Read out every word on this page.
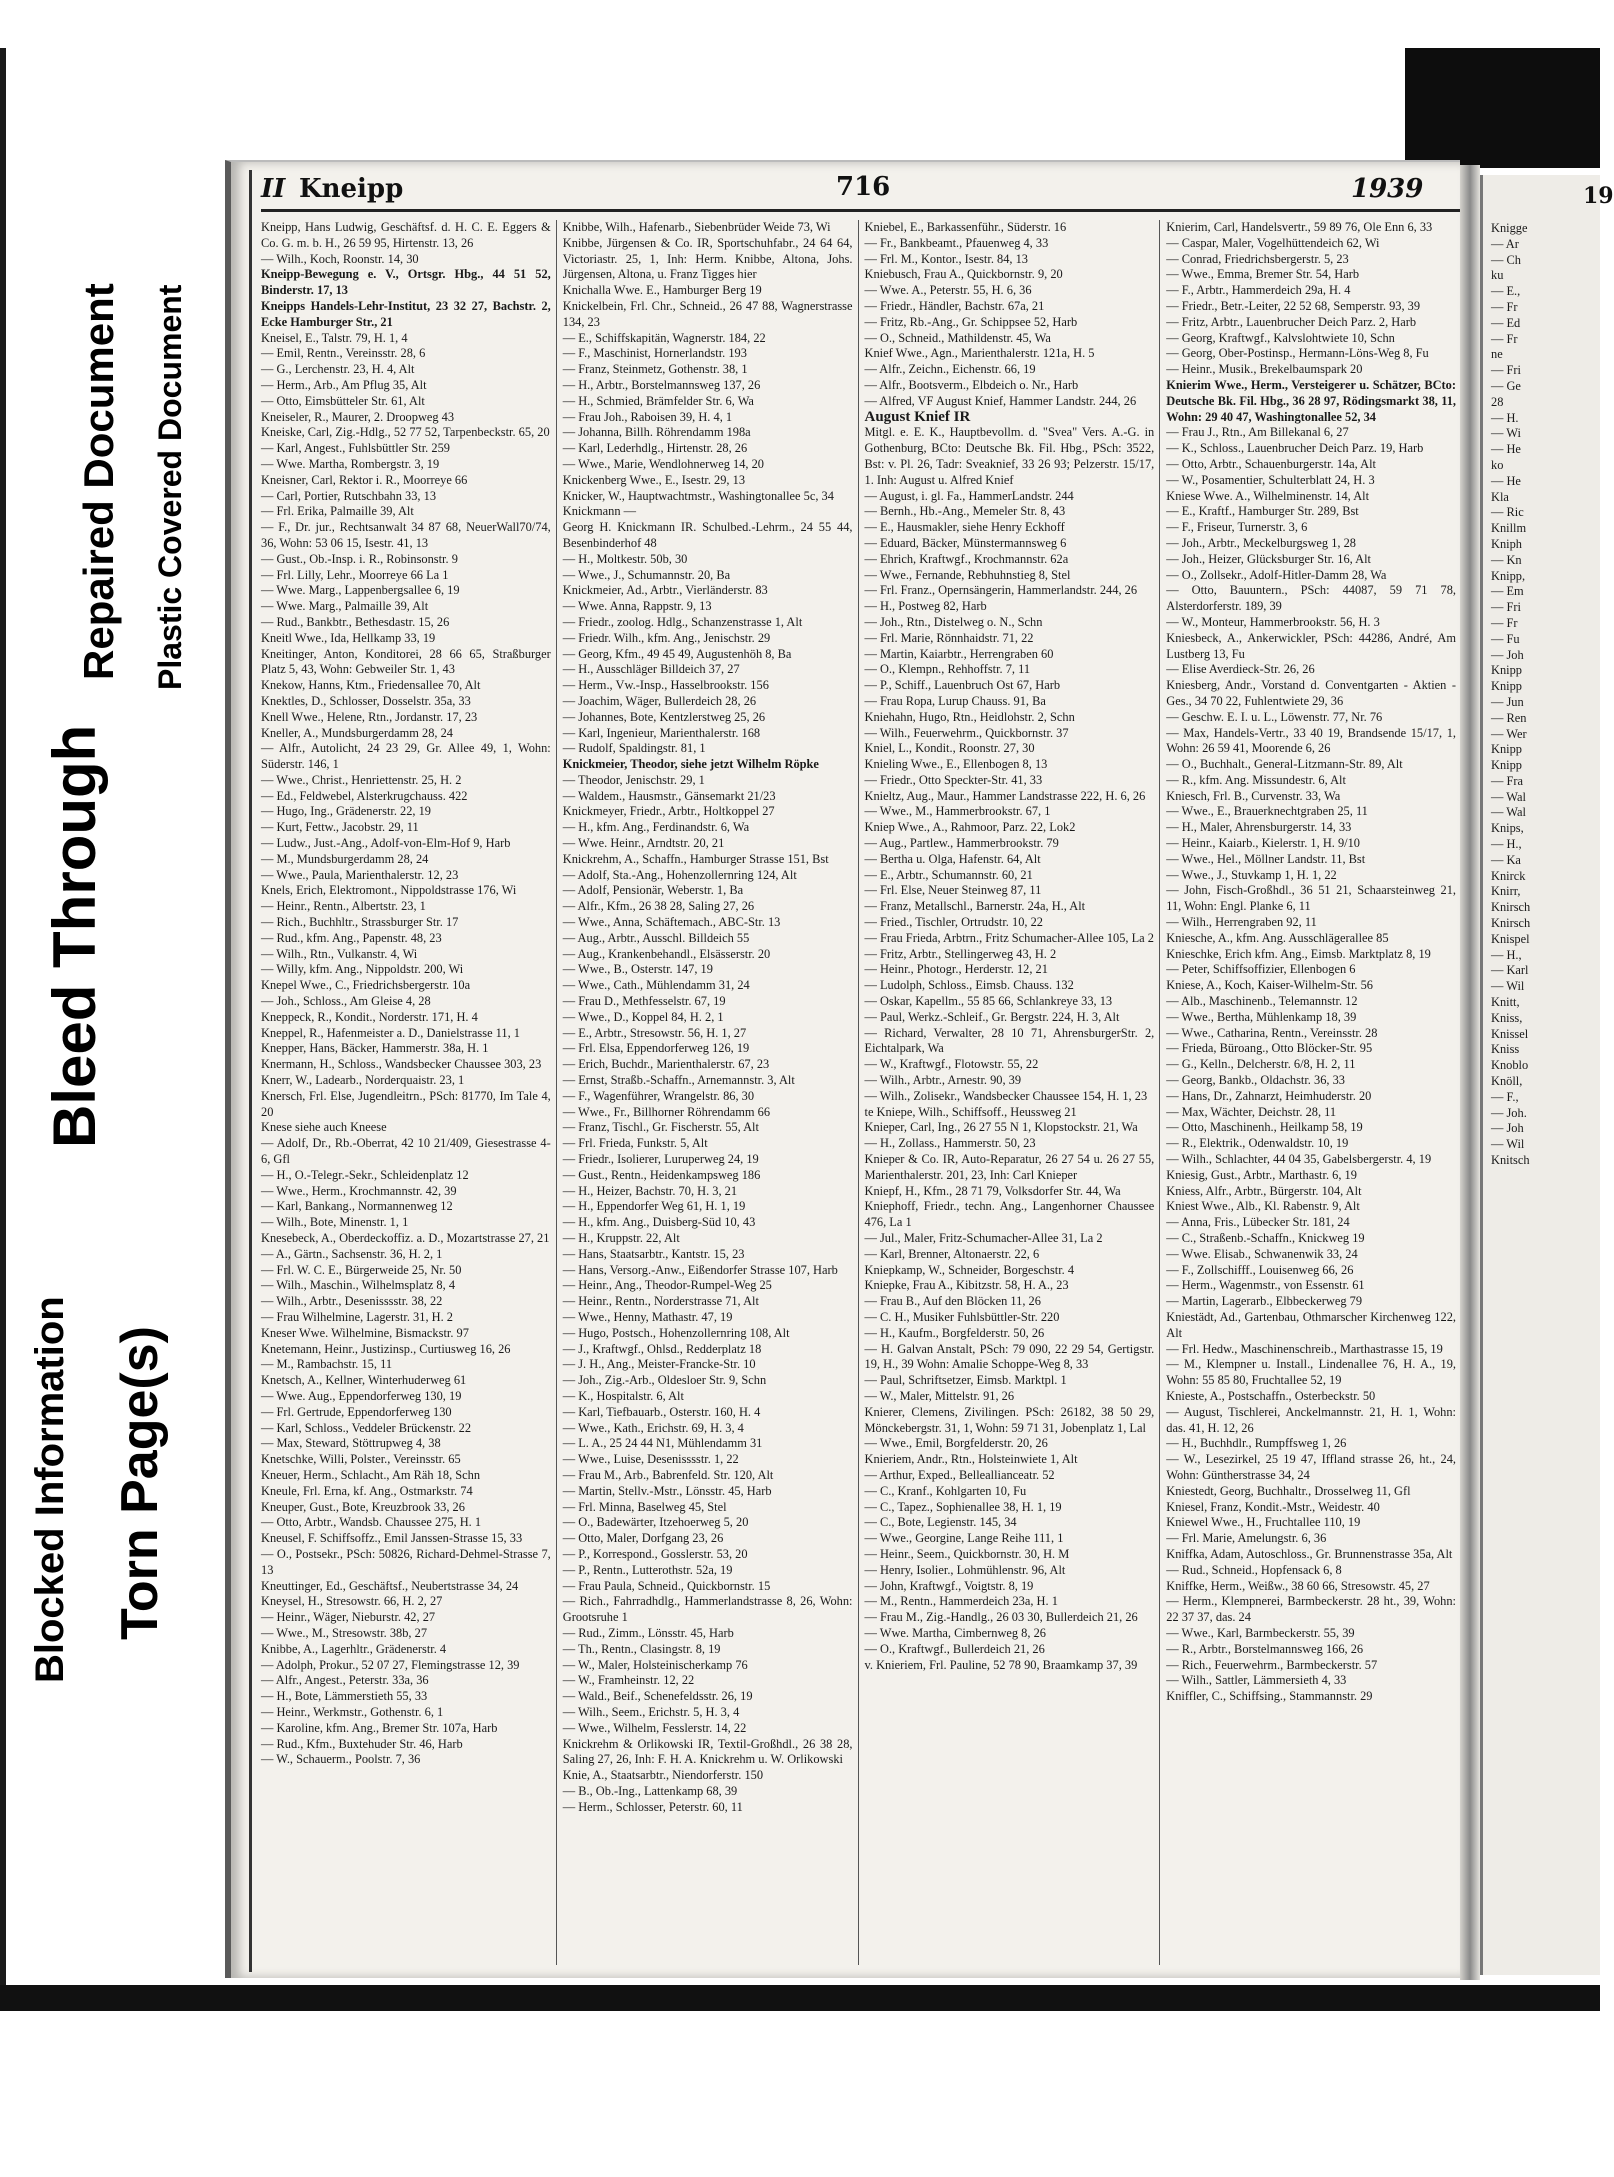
Blocked Information Torn Page(s)
Bleed Through
Repaired Document Plastic Covered Document
II Kneipp	716	1939
Kneipp, Hans Ludwig, Geschäftsf. d. H. C. E. Eggers & Co. G. m. b. H., 26 59 95, Hirtenstr. 13, 26
— Wilh., Koch, Roonstr. 14, 30
Kneipp-Bewegung e. V., Ortsgr. Hbg., 44 51 52, Binderstr. 17, 13
Kneipps Handels-Lehr-Institut, 23 32 27, Bachstr. 2, Ecke Hamburger Str., 21
Kneisel, E., Talstr. 79, H. 1, 4
— Emil, Rentn., Vereinsstr. 28, 6
— G., Lerchenstr. 23, H. 4, Alt
— Herm., Arb., Am Pflug 35, Alt
— Otto, Eimsbütteler Str. 61, Alt
Kneiseler, R., Maurer, 2. Droopweg 43
Kneiske, Carl, Zig.-Hdlg., 52 77 52, Tarpenbeckstr. 65, 20
— Karl, Angest., Fuhlsbüttler Str. 259
— Wwe. Martha, Rombergstr. 3, 19
Kneisner, Carl, Rektor i. R., Moorreye 66
— Carl, Portier, Rutschbahn 33, 13
— Frl. Erika, Palmaille 39, Alt
— F., Dr. jur., Rechtsanwalt 34 87 68, NeuerWall70/74, 36, Wohn: 53 06 15, Isestr. 41, 13
— Gust., Ob.-Insp. i. R., Robinsonstr. 9
— Frl. Lilly, Lehr., Moorreye 66 La 1
— Wwe. Marg., Lappenbergsallee 6, 19
— Wwe. Marg., Palmaille 39, Alt
— Rud., Bankbtr., Bethesdastr. 15, 26
Kneitl Wwe., Ida, Hellkamp 33, 19
Kneitinger, Anton, Konditorei, 28 66 65, Straßburger Platz 5, 43, Wohn: Gebweiler Str. 1, 43
Knekow, Hanns, Ktm., Friedensallee 70, Alt
Knektles, D., Schlosser, Dosselstr. 35a, 33
Knell Wwe., Helene, Rtn., Jordanstr. 17, 23
Kneller, A., Mundsburgerdamm 28, 24
— Alfr., Autolicht, 24 23 29, Gr. Allee 49, 1, Wohn: Süderstr. 146, 1
— Wwe., Christ., Henriettenstr. 25, H. 2
— Ed., Feldwebel, Alsterkrugchauss. 422
— Hugo, Ing., Grädenerstr. 22, 19
— Kurt, Fettw., Jacobstr. 29, 11
— Ludw., Just.-Ang., Adolf-von-Elm-Hof 9, Harb
— M., Mundsburgerdamm 28, 24
— Wwe., Paula, Marienthalerstr. 12, 23
Knels, Erich, Elektromont., Nippoldstrasse 176, Wi
— Heinr., Rentn., Albertstr. 23, 1
— Rich., Buchhltr., Strassburger Str. 17
— Rud., kfm. Ang., Papenstr. 48, 23
— Wilh., Rtn., Vulkanstr. 4, Wi
— Willy, kfm. Ang., Nippoldstr. 200, Wi
Knepel Wwe., C., Friedrichsbergerstr. 10a
— Joh., Schloss., Am Gleise 4, 28
Kneppeck, R., Kondit., Norderstr. 171, H. 4
Kneppel, R., Hafenmeister a. D., Danielstrasse 11, 1
Knepper, Hans, Bäcker, Hammerstr. 38a, H. 1
Knermann, H., Schloss., Wandsbecker Chaussee 303, 23
Knerr, W., Ladearb., Norderquaistr. 23, 1
Knersch, Frl. Else, Jugendleitrn., PSch: 81770, Im Tale 4, 20
Knese siehe auch Kneese
— Adolf, Dr., Rb.-Oberrat, 42 10 21/409, Giesestrasse 4-6, Gfl
— H., O.-Telegr.-Sekr., Schleidenplatz 12
— Wwe., Herm., Krochmannstr. 42, 39
— Karl, Bankang., Normannenweg 12
— Wilh., Bote, Minenstr. 1, 1
Knesebeck, A., Oberdeckoffiz. a. D., Mozartstrasse 27, 21
— A., Gärtn., Sachsenstr. 36, H. 2, 1
— Frl. W. C. E., Bürgerweide 25, Nr. 50
— Wilh., Maschin., Wilhelmsplatz 8, 4
— Wilh., Arbtr., Desenisssstr. 38, 22
— Frau Wilhelmine, Lagerstr. 31, H. 2
Kneser Wwe. Wilhelmine, Bismackstr. 97
Knetemann, Heinr., Justizinsp., Curtiusweg 16, 26
— M., Rambachstr. 15, 11
Knetsch, A., Kellner, Winterhuderweg 61
— Wwe. Aug., Eppendorferweg 130, 19
— Frl. Gertrude, Eppendorferweg 130
— Karl, Schloss., Veddeler Brückenstr. 22
— Max, Steward, Stöttrupweg 4, 38
Knetschke, Willi, Polster., Vereinsstr. 65
Kneuer, Herm., Schlacht., Am Räh 18, Schn
Kneule, Frl. Erna, kf. Ang., Ostmarkstr. 74
Kneuper, Gust., Bote, Kreuzbrook 33, 26
— Otto, Arbtr., Wandsb. Chaussee 275, H. 1
Kneusel, F. Schiffsoffz., Emil Janssen-Strasse 15, 33
— O., Postsekr., PSch: 50826, Richard-Dehmel-Strasse 7, 13
Kneuttinger, Ed., Geschäftsf., Neubertstrasse 34, 24
Kneysel, H., Stresowstr. 66, H. 2, 27
— Heinr., Wäger, Nieburstr. 42, 27
— Wwe., M., Stresowstr. 38b, 27
Knibbe, A., Lagerhltr., Grädenerstr. 4
— Adolph, Prokur., 52 07 27, Flemingstrasse 12, 39
— Alfr., Angest., Peterstr. 33a, 36
— H., Bote, Lämmerstieth 55, 33
— Heinr., Werkmstr., Gothenstr. 6, 1
— Karoline, kfm. Ang., Bremer Str. 107a, Harb
— Rud., Kfm., Buxtehuder Str. 46, Harb
— W., Schauerm., Poolstr. 7, 36
Knibbe, Wilh., Hafenarb., Siebenbrüder Weide 73, Wi
Knibbe, Jürgensen & Co. IR, Sportschuhfabr., 24 64 64, Victoriastr. 25, 1, Inh: Herm. Knibbe, Altona, Johs. Jürgensen, Altona, u. Franz Tigges hier
Knichalla Wwe. E., Hamburger Berg 19
Knickelbein, Frl. Chr., Schneid., 26 47 88, Wagnerstrasse 134, 23
— E., Schiffskapitän, Wagnerstr. 184, 22
— F., Maschinist, Hornerlandstr. 193
— Franz, Steinmetz, Gothenstr. 38, 1
— H., Arbtr., Borstelmannsweg 137, 26
— H., Schmied, Brämfelder Str. 6, Wa
— Frau Joh., Raboisen 39, H. 4, 1
— Johanna, Billh. Röhrendamm 198a
— Karl, Lederhdlg., Hirtenstr. 28, 26
— Wwe., Marie, Wendlohnerweg 14, 20
Knickenberg Wwe., E., Isestr. 29, 13
Knicker, W., Hauptwachtmstr., Washingtonallee 5c, 34
Knickmann —
Georg H. Knickmann IR. Schulbed.-Lehrm., 24 55 44, Besenbinderhof 48
— H., Moltkestr. 50b, 30
— Wwe., J., Schumannstr. 20, Ba
Knickmeier, Ad., Arbtr., Vierländerstr. 83
— Wwe. Anna, Rappstr. 9, 13
— Friedr., zoolog. Hdlg., Schanzenstrasse 1, Alt
— Friedr. Wilh., kfm. Ang., Jenischstr. 29
— Georg, Kfm., 49 45 49, Augustenhöh 8, Ba
— H., Ausschläger Billdeich 37, 27
— Herm., Vw.-Insp., Hasselbrookstr. 156
— Joachim, Wäger, Bullerdeich 28, 26
— Johannes, Bote, Kentzlerstweg 25, 26
— Karl, Ingenieur, Marienthalerstr. 168
— Rudolf, Spaldingstr. 81, 1
Knickmeier, Theodor, siehe jetzt Wilhelm Röpke
— Theodor, Jenischstr. 29, 1
— Waldem., Hausmstr., Gänsemarkt 21/23
Knickmeyer, Friedr., Arbtr., Holtkoppel 27
— H., kfm. Ang., Ferdinandstr. 6, Wa
— Wwe. Heinr., Arndtstr. 20, 21
Knickrehm, A., Schaffn., Hamburger Strasse 151, Bst
— Adolf, Sta.-Ang., Hohenzollernring 124, Alt
— Adolf, Pensionär, Weberstr. 1, Ba
— Alfr., Kfm., 26 38 28, Saling 27, 26
— Wwe., Anna, Schäftemach., ABC-Str. 13
— Aug., Arbtr., Ausschl. Billdeich 55
— Aug., Krankenbehandl., Elsässerstr. 20
— Wwe., B., Osterstr. 147, 19
— Wwe., Cath., Mühlendamm 31, 24
— Frau D., Methfesselstr. 67, 19
— Wwe., D., Koppel 84, H. 2, 1
— E., Arbtr., Stresowstr. 56, H. 1, 27
— Frl. Elsa, Eppendorferweg 126, 19
— Erich, Buchdr., Marienthalerstr. 67, 23
— Ernst, Straßb.-Schaffn., Arnemannstr. 3, Alt
— F., Wagenführer, Wrangelstr. 86, 30
— Wwe., Fr., Billhorner Röhrendamm 66
— Franz, Tischl., Gr. Fischerstr. 55, Alt
— Frl. Frieda, Funkstr. 5, Alt
— Friedr., Isolierer, Luruperweg 24, 19
— Gust., Rentn., Heidenkampsweg 186
— H., Heizer, Bachstr. 70, H. 3, 21
— H., Eppendorfer Weg 61, H. 1, 19
— H., kfm. Ang., Duisberg-Süd 10, 43
— H., Kruppstr. 22, Alt
— Hans, Staatsarbtr., Kantstr. 15, 23
— Hans, Versorg.-Anw., Eißendorfer Strasse 107, Harb
— Heinr., Ang., Theodor-Rumpel-Weg 25
— Heinr., Rentn., Norderstrasse 71, Alt
— Wwe., Henny, Mathastr. 47, 19
— Hugo, Postsch., Hohenzollernring 108, Alt
— J., Kraftwgf., Ohlsd., Redderplatz 18
— J. H., Ang., Meister-Francke-Str. 10
— Joh., Zig.-Arb., Oldesloer Str. 9, Schn
— K., Hospitalstr. 6, Alt
— Karl, Tiefbauarb., Osterstr. 160, H. 4
— Wwe., Kath., Erichstr. 69, H. 3, 4
— L. A., 25 24 44 N1, Mühlendamm 31
— Wwe., Luise, Desenisssstr. 1, 22
— Frau M., Arb., Babrenfeld. Str. 120, Alt
— Martin, Stellv.-Mstr., Lönsstr. 45, Harb
— Frl. Minna, Baselweg 45, Stel
— O., Badewärter, Itzehoerweg 5, 20
— Otto, Maler, Dorfgang 23, 26
— P., Korrespond., Gosslerstr. 53, 20
— P., Rentn., Lutterothstr. 52a, 19
— Frau Paula, Schneid., Quickbornstr. 15
— Rich., Fahrradhdlg., Hammerlandstrasse 8, 26, Wohn: Grootsruhe 1
— Rud., Zimm., Lönsstr. 45, Harb
— Th., Rentn., Clasingstr. 8, 19
— W., Maler, Holsteinischerkamp 76
— W., Framheinstr. 12, 22
— Wald., Beif., Schenefeldsstr. 26, 19
— Wilh., Seem., Erichstr. 5, H. 3, 4
— Wwe., Wilhelm, Fesslerstr. 14, 22
Knickrehm & Orlikowski IR, Textil-Großhdl., 26 38 28, Saling 27, 26, Inh: F. H. A. Knickrehm u. W. Orlikowski
Knie, A., Staatsarbtr., Niendorferstr. 150
— B., Ob.-Ing., Lattenkamp 68, 39
— Herm., Schlosser, Peterstr. 60, 11
Kniebel, E., Barkassenführ., Süderstr. 16
— Fr., Bankbeamt., Pfauenweg 4, 33
— Frl. M., Kontor., Isestr. 84, 13
Kniebusch, Frau A., Quickbornstr. 9, 20
— Wwe. A., Peterstr. 55, H. 6, 36
— Friedr., Händler, Bachstr. 67a, 21
— Fritz, Rb.-Ang., Gr. Schippsee 52, Harb
— O., Schneid., Mathildenstr. 45, Wa
Knief Wwe., Agn., Marienthalerstr. 121a, H. 5
— Alfr., Zeichn., Eichenstr. 66, 19
— Alfr., Bootsverm., Elbdeich o. Nr., Harb
— Alfred, VF August Knief, Hammer Landstr. 244, 26
August Knief IR
Mitgl. e. E. K., Hauptbevollm. d. "Svea" Vers. A.-G. in Gothenburg, BCto: Deutsche Bk. Fil. Hbg., PSch: 3522, Bst: v. Pl. 26, Tadr: Sveaknief, 33 26 93; Pelzerstr. 15/17, 1. Inh: August u. Alfred Knief
— August, i. gl. Fa., HammerLandstr. 244
— Bernh., Hb.-Ang., Memeler Str. 8, 43
— E., Hausmakler, siehe Henry Eckhoff
— Eduard, Bäcker, Münstermannsweg 6
— Ehrich, Kraftwgf., Krochmannstr. 62a
— Wwe., Fernande, Rebhuhnstieg 8, Stel
— Frl. Franz., Opernsängerin, Hammerlandstr. 244, 26
— H., Postweg 82, Harb
— Joh., Rtn., Distelweg o. N., Schn
— Frl. Marie, Rönnhaidstr. 71, 22
— Martin, Kaiarbtr., Herrengraben 60
— O., Klempn., Rehhoffstr. 7, 11
— P., Schiff., Lauenbruch Ost 67, Harb
— Frau Ropa, Lurup Chauss. 91, Ba
Kniehahn, Hugo, Rtn., Heidlohstr. 2, Schn
— Wilh., Feuerwehrm., Quickbornstr. 37
Kniel, L., Kondit., Roonstr. 27, 30
Knieling Wwe., E., Ellenbogen 8, 13
— Friedr., Otto Speckter-Str. 41, 33
Knieltz, Aug., Maur., Hammer Landstrasse 222, H. 6, 26
— Wwe., M., Hammerbrookstr. 67, 1
Kniep Wwe., A., Rahmoor, Parz. 22, Lok2
— Aug., Partlew., Hammerbrookstr. 79
— Bertha u. Olga, Hafenstr. 64, Alt
— E., Arbtr., Schumannstr. 60, 21
— Frl. Else, Neuer Steinweg 87, 11
— Franz, Metallschl., Barnerstr. 24a, H., Alt
— Fried., Tischler, Ortrudstr. 10, 22
— Frau Frieda, Arbtrn., Fritz Schumacher-Allee 105, La 2
— Fritz, Arbtr., Stellingerweg 43, H. 2
— Heinr., Photogr., Herderstr. 12, 21
— Ludolph, Schloss., Eimsb. Chauss. 132
— Oskar, Kapellm., 55 85 66, Schlankreye 33, 13
— Paul, Werkz.-Schleif., Gr. Bergstr. 224, H. 3, Alt
— Richard, Verwalter, 28 10 71, AhrensburgerStr. 2, Eichtalpark, Wa
— W., Kraftwgf., Flotowstr. 55, 22
— Wilh., Arbtr., Arnestr. 90, 39
— Wilh., Zolisekr., Wandsbecker Chaussee 154, H. 1, 23
te Kniepe, Wilh., Schiffsoff., Heussweg 21
Knieper, Carl, Ing., 26 27 55 N 1, Klopstockstr. 21, Wa
— H., Zollass., Hammerstr. 50, 23
Knieper & Co. IR, Auto-Reparatur, 26 27 54 u. 26 27 55, Marienthalerstr. 201, 23, Inh: Carl Knieper
Kniepf, H., Kfm., 28 71 79, Volksdorfer Str. 44, Wa
Kniephoff, Friedr., techn. Ang., Langenhorner Chaussee 476, La 1
— Jul., Maler, Fritz-Schumacher-Allee 31, La 2
— Karl, Brenner, Altonaerstr. 22, 6
Kniepkamp, W., Schneider, Borgeschstr. 4
Kniepke, Frau A., Kibitzstr. 58, H. A., 23
— Frau B., Auf den Blöcken 11, 26
— C. H., Musiker Fuhlsbüttler-Str. 220
— H., Kaufm., Borgfelderstr. 50, 26
— H. Galvan Anstalt, PSch: 79 090, 22 29 54, Gertigstr. 19, H., 39 Wohn: Amalie Schoppe-Weg 8, 33
— Paul, Schriftsetzer, Eimsb. Marktpl. 1
— W., Maler, Mittelstr. 91, 26
Knierer, Clemens, Zivilingen. PSch: 26182, 38 50 29, Mönckebergstr. 31, 1, Wohn: 59 71 31, Jobenplatz 1, Lal
— Wwe., Emil, Borgfelderstr. 20, 26
Knieriem, Andr., Rtn., Holsteinwiete 1, Alt
— Arthur, Exped., Belleallianceatr. 52
— C., Kranf., Kohlgarten 10, Fu
— C., Tapez., Sophienallee 38, H. 1, 19
— C., Bote, Legienstr. 145, 34
— Wwe., Georgine, Lange Reihe 111, 1
— Heinr., Seem., Quickbornstr. 30, H. M
— Henry, Isolier., Lohmühlenstr. 96, Alt
— John, Kraftwgf., Voigtstr. 8, 19
— M., Rentn., Hammerdeich 23a, H. 1
— Frau M., Zig.-Handlg., 26 03 30, Bullerdeich 21, 26
— Wwe. Martha, Cimbernweg 8, 26
— O., Kraftwgf., Bullerdeich 21, 26
v. Knieriem, Frl. Pauline, 52 78 90, Braamkamp 37, 39
Knierim, Carl, Handelsvertr., 59 89 76, Ole Enn 6, 33
— Caspar, Maler, Vogelhüttendeich 62, Wi
— Conrad, Friedrichsbergerstr. 5, 23
— Wwe., Emma, Bremer Str. 54, Harb
— F., Arbtr., Hammerdeich 29a, H. 4
— Friedr., Betr.-Leiter, 22 52 68, Semperstr. 93, 39
— Fritz, Arbtr., Lauenbrucher Deich Parz. 2, Harb
— Georg, Kraftwgf., Kalvslohtwiete 10, Schn
— Georg, Ober-Postinsp., Hermann-Löns-Weg 8, Fu
— Heinr., Musik., Brekelbaumspark 20
Knierim Wwe., Herm., Versteigerer u. Schätzer, BCto: Deutsche Bk. Fil. Hbg., 36 28 97, Rödingsmarkt 38, 11, Wohn: 29 40 47, Washingtonallee 52, 34
— Frau J., Rtn., Am Billekanal 6, 27
— K., Schloss., Lauenbrucher Deich Parz. 19, Harb
— Otto, Arbtr., Schauenburgerstr. 14a, Alt
— W., Posamentier, Schulterblatt 24, H. 3
Kniese Wwe. A., Wilhelminenstr. 14, Alt
— E., Kraftf., Hamburger Str. 289, Bst
— F., Friseur, Turnerstr. 3, 6
— Joh., Arbtr., Meckelburgsweg 1, 28
— Joh., Heizer, Glücksburger Str. 16, Alt
— O., Zollsekr., Adolf-Hitler-Damm 28, Wa
— Otto, Bauuntern., PSch: 44087, 59 71 78, Alsterdorferstr. 189, 39
— W., Monteur, Hammerbrookstr. 56, H. 3
Kniesbeck, A., Ankerwickler, PSch: 44286, André, Am Lustberg 13, Fu
— Elise Averdieck-Str. 26, 26
Kniesberg, Andr., Vorstand d. Conventgarten - Aktien - Ges., 34 70 22, Fuhlentwiete 29, 36
— Geschw. E. I. u. L., Löwenstr. 77, Nr. 76
— Max, Handels-Vertr., 33 40 19, Brandsende 15/17, 1, Wohn: 26 59 41, Moorende 6, 26
— O., Buchhalt., General-Litzmann-Str. 89, Alt
— R., kfm. Ang. Missundestr. 6, Alt
Kniesch, Frl. B., Curvenstr. 33, Wa
— Wwe., E., Brauerknechtgraben 25, 11
— H., Maler, Ahrensburgerstr. 14, 33
— Heinr., Kaiarb., Kielerstr. 1, H. 9/10
— Wwe., Hel., Möllner Landstr. 11, Bst
— Wwe., J., Stuvkamp 1, H. 1, 22
— John, Fisch-Großhdl., 36 51 21, Schaarsteinweg 21, 11, Wohn: Engl. Planke 6, 11
— Wilh., Herrengraben 92, 11
Kniesche, A., kfm. Ang. Ausschlägerallee 85
Knieschke, Erich kfm. Ang., Eimsb. Marktplatz 8, 19
— Peter, Schiffsoffizier, Ellenbogen 6
Kniese, A., Koch, Kaiser-Wilhelm-Str. 56
— Alb., Maschinenb., Telemannstr. 12
— Wwe., Bertha, Mühlenkamp 18, 39
— Wwe., Catharina, Rentn., Vereinsstr. 28
— Frieda, Büroang., Otto Blöcker-Str. 95
— G., Kelln., Delcherstr. 6/8, H. 2, 11
— Georg, Bankb., Oldachstr. 36, 33
— Hans, Dr., Zahnarzt, Heimhuderstr. 20
— Max, Wächter, Deichstr. 28, 11
— Otto, Maschinenh., Heilkamp 58, 19
— R., Elektrik., Odenwaldstr. 10, 19
— Wilh., Schlachter, 44 04 35, Gabelsbergerstr. 4, 19
Kniesig, Gust., Arbtr., Marthastr. 6, 19
Kniess, Alfr., Arbtr., Bürgerstr. 104, Alt
Kniest Wwe., Alb., Kl. Rabenstr. 9, Alt
— Anna, Fris., Lübecker Str. 181, 24
— C., Straßenb.-Schaffn., Knickweg 19
— Wwe. Elisab., Schwanenwik 33, 24
— F., Zollschifff., Louisenweg 66, 26
— Herm., Wagenmstr., von Essenstr. 61
— Martin, Lagerarb., Elbbeckerweg 79
Kniestädt, Ad., Gartenbau, Othmarscher Kirchenweg 122, Alt
— Frl. Hedw., Maschinenschreib., Marthastrasse 15, 19
— M., Klempner u. Install., Lindenallee 76, H. A., 19, Wohn: 55 85 80, Fruchtallee 52, 19
Knieste, A., Postschaffn., Osterbeckstr. 50
— August, Tischlerei, Anckelmannstr. 21, H. 1, Wohn: das. 41, H. 12, 26
— H., Buchhdlr., Rumpffsweg 1, 26
— W., Lesezirkel, 25 19 47, Iffland strasse 26, ht., 24, Wohn: Güntherstrasse 34, 24
Kniestedt, Georg, Buchhaltr., Drosselweg 11, Gfl
Kniesel, Franz, Kondit.-Mstr., Weidestr. 40
Kniewel Wwe., H., Fruchtallee 110, 19
— Frl. Marie, Amelungstr. 6, 36
Kniffka, Adam, Autoschloss., Gr. Brunnenstrasse 35a, Alt
— Rud., Schneid., Hopfensack 6, 8
Kniffke, Herm., Weißw., 38 60 66, Stresowstr. 45, 27
— Herm., Klempnerei, Barmbeckerstr. 28 ht., 39, Wohn: 22 37 37, das. 24
— Wwe., Karl, Barmbeckerstr. 55, 39
— R., Arbtr., Borstelmannsweg 166, 26
— Rich., Feuerwehrm., Barmbeckerstr. 57
— Wilh., Sattler, Lämmersieth 4, 33
Kniffler, C., Schiffsing., Stammannstr. 29
19
Knigge
— Ar
— Ch
ku
— E.,
— Fr
— Ed
— Fr
ne
— Fri
— Ge
28
— H.
— Wi
— He
ko
— He
Kla
— Ric
Knillm
Kniph
— Kn
Knipp,
— Em
— Fri
— Fr
— Fu
— Joh
Knipp
Knipp
— Jun
— Ren
— Wer
Knipp
Knipp
— Fra
— Wal
— Wal
Knips,
— H.,
— Ka
Knirck
Knirr,
Knirsch
Knirsch
Knispel
— H.,
— Karl
— Wil
Knitt,
Kniss,
Knissel
Kniss
Knoblo
Knöll,
— F.,
— Joh.
— Joh
— Wil
Knitsch
